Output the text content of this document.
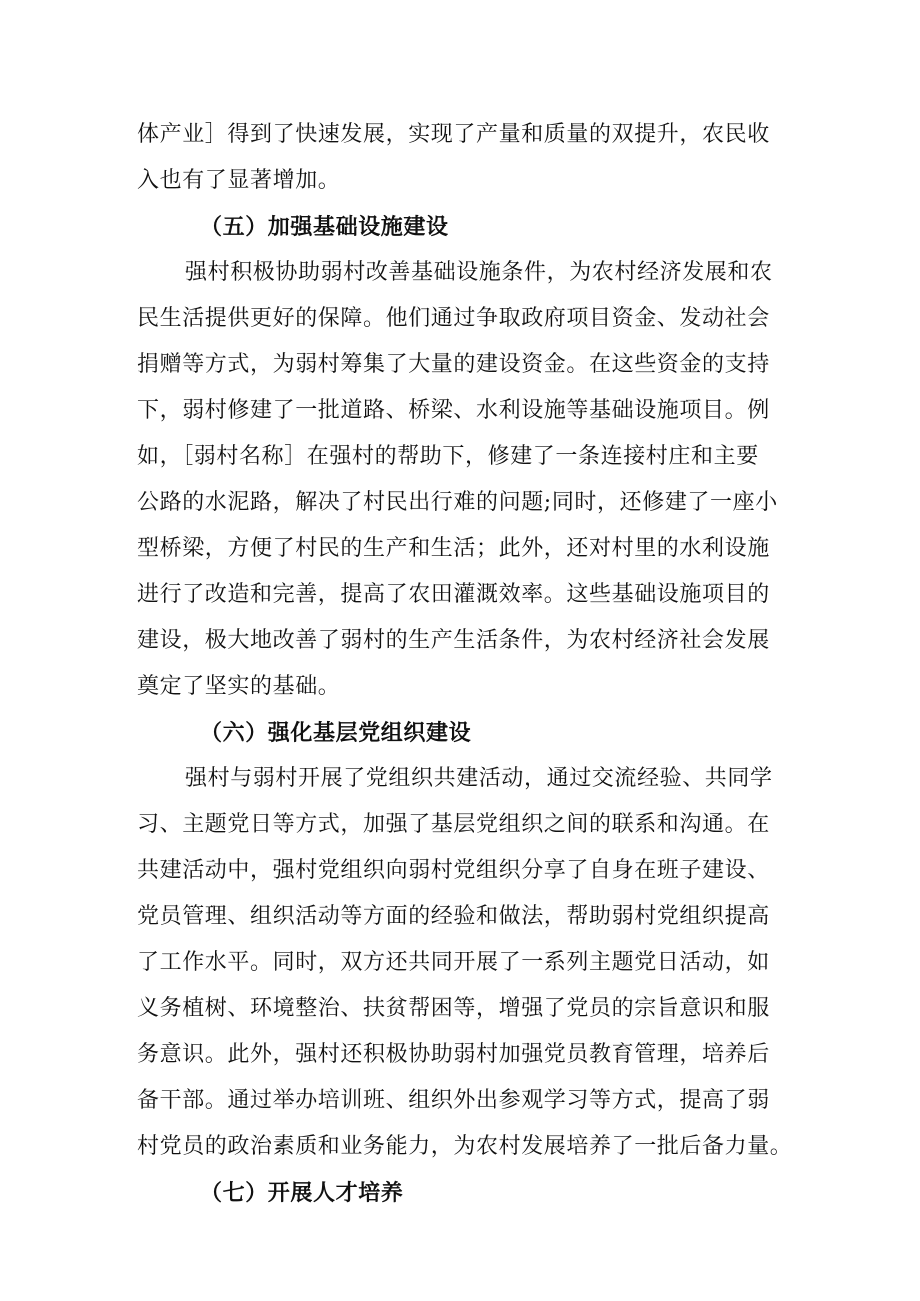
体产业］得到了快速发展，实现了产量和质量的双提升，农民收
入也有了显著增加。
（五）加强基础设施建设
强村积极协助弱村改善基础设施条件，为农村经济发展和农
民生活提供更好的保障。他们通过争取政府项目资金、发动社会
捐赠等方式，为弱村筹集了大量的建设资金。在这些资金的支持
下，弱村修建了一批道路、桥梁、水利设施等基础设施项目。例
如，［弱村名称］在强村的帮助下，修建了一条连接村庄和主要
公路的水泥路，解决了村民出行难的问题;同时，还修建了一座小
型桥梁，方便了村民的生产和生活；此外，还对村里的水利设施
进行了改造和完善，提高了农田灌溉效率。这些基础设施项目的
建设，极大地改善了弱村的生产生活条件，为农村经济社会发展
奠定了坚实的基础。
（六）强化基层党组织建设
强村与弱村开展了党组织共建活动，通过交流经验、共同学
习、主题党日等方式，加强了基层党组织之间的联系和沟通。在
共建活动中，强村党组织向弱村党组织分享了自身在班子建设、
党员管理、组织活动等方面的经验和做法，帮助弱村党组织提高
了工作水平。同时，双方还共同开展了一系列主题党日活动，如
义务植树、环境整治、扶贫帮困等，增强了党员的宗旨意识和服
务意识。此外，强村还积极协助弱村加强党员教育管理，培养后
备干部。通过举办培训班、组织外出参观学习等方式，提高了弱
村党员的政治素质和业务能力，为农村发展培养了一批后备力量。
（七）开展人才培养
